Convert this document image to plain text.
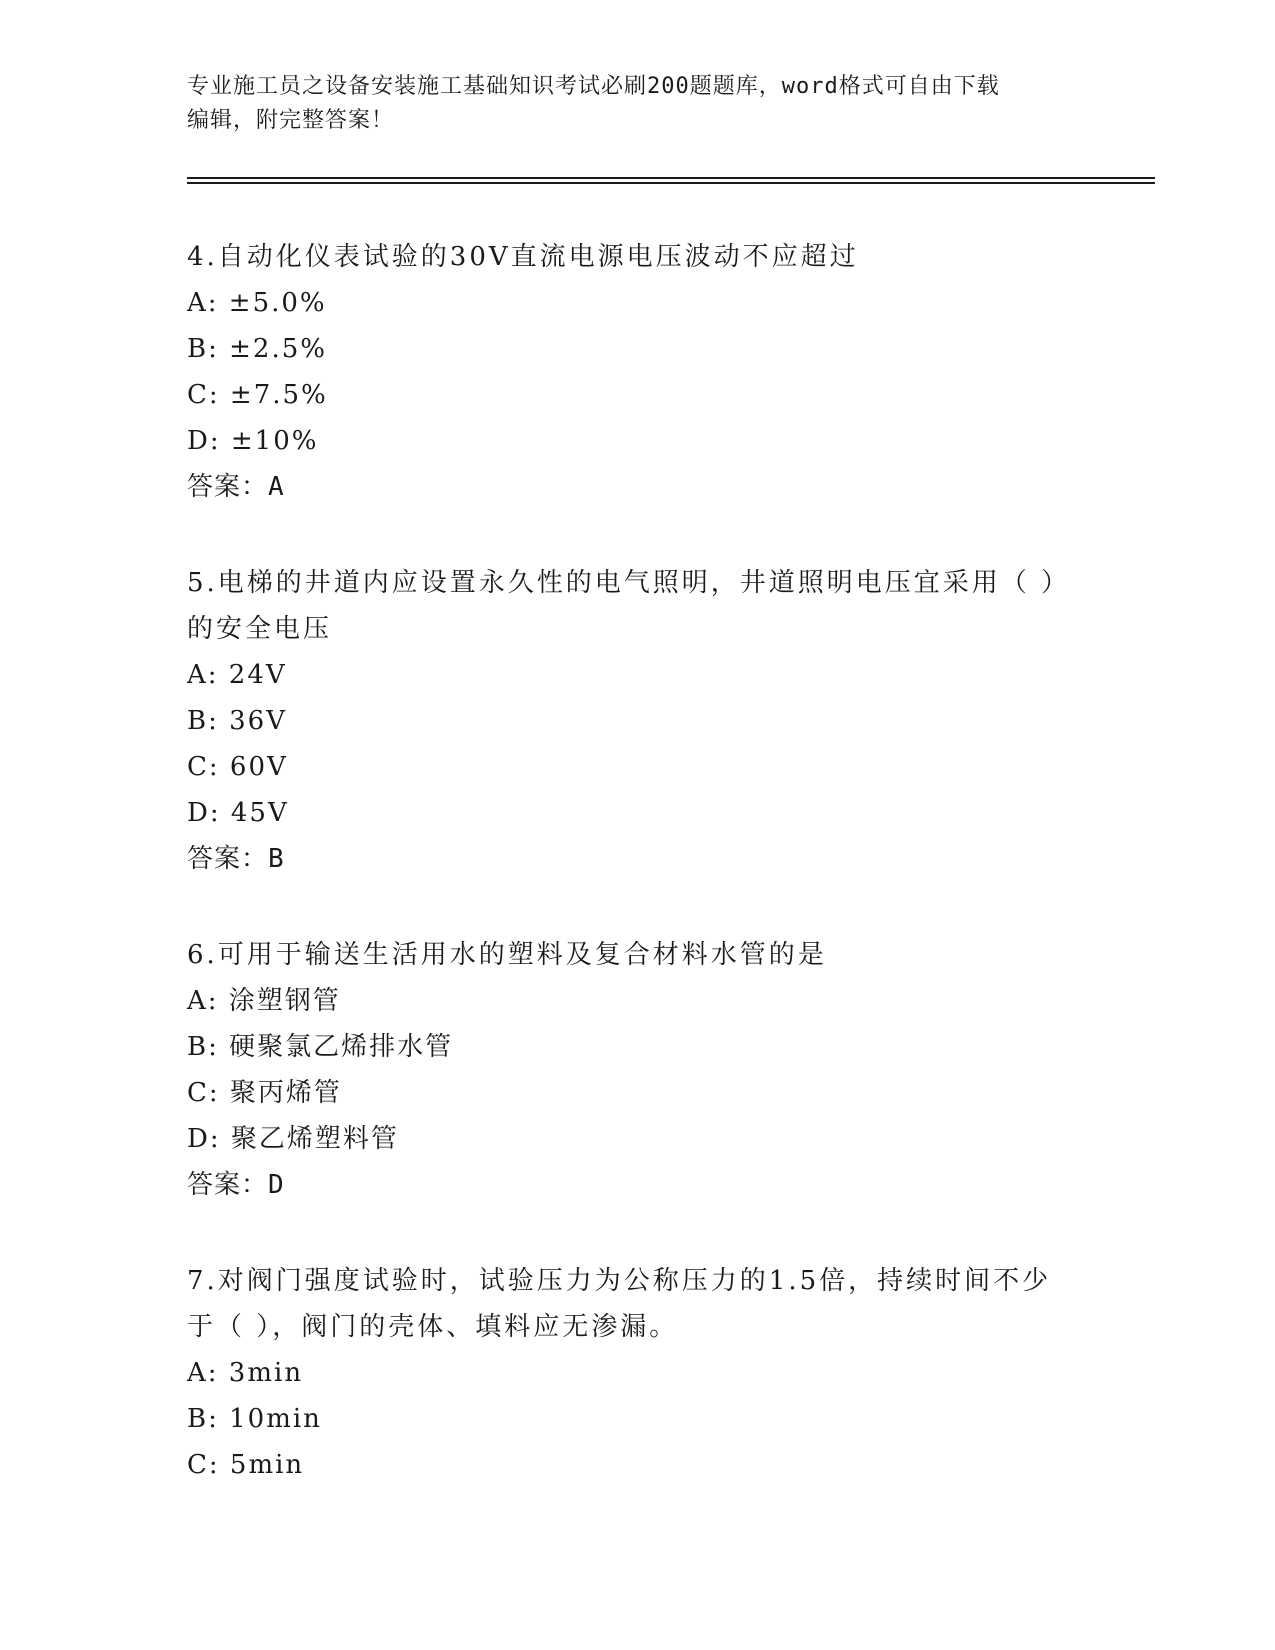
专业施工员之设备安装施工基础知识考试必刷200题题库，word格式可自由下载
编辑，附完整答案！

4.自动化仪表试验的30V直流电源电压波动不应超过

A: ±5.0%

B: ±2.5%

C: ±7.5%

D: ±10%

答案：A

5.电梯的井道内应设置永久性的电气照明，井道照明电压宜采用（ ）

的安全电压

A: 24V

B: 36V

C: 60V

D: 45V

答案：B

6.可用于输送生活用水的塑料及复合材料水管的是

A: 涂塑钢管

B: 硬聚氯乙烯排水管

C: 聚丙烯管

D: 聚乙烯塑料管

答案：D

7.对阀门强度试验时，试验压力为公称压力的1.5倍，持续时间不少

于（ ），阀门的壳体、填料应无渗漏。

A: 3min

B: 10min

C: 5min
